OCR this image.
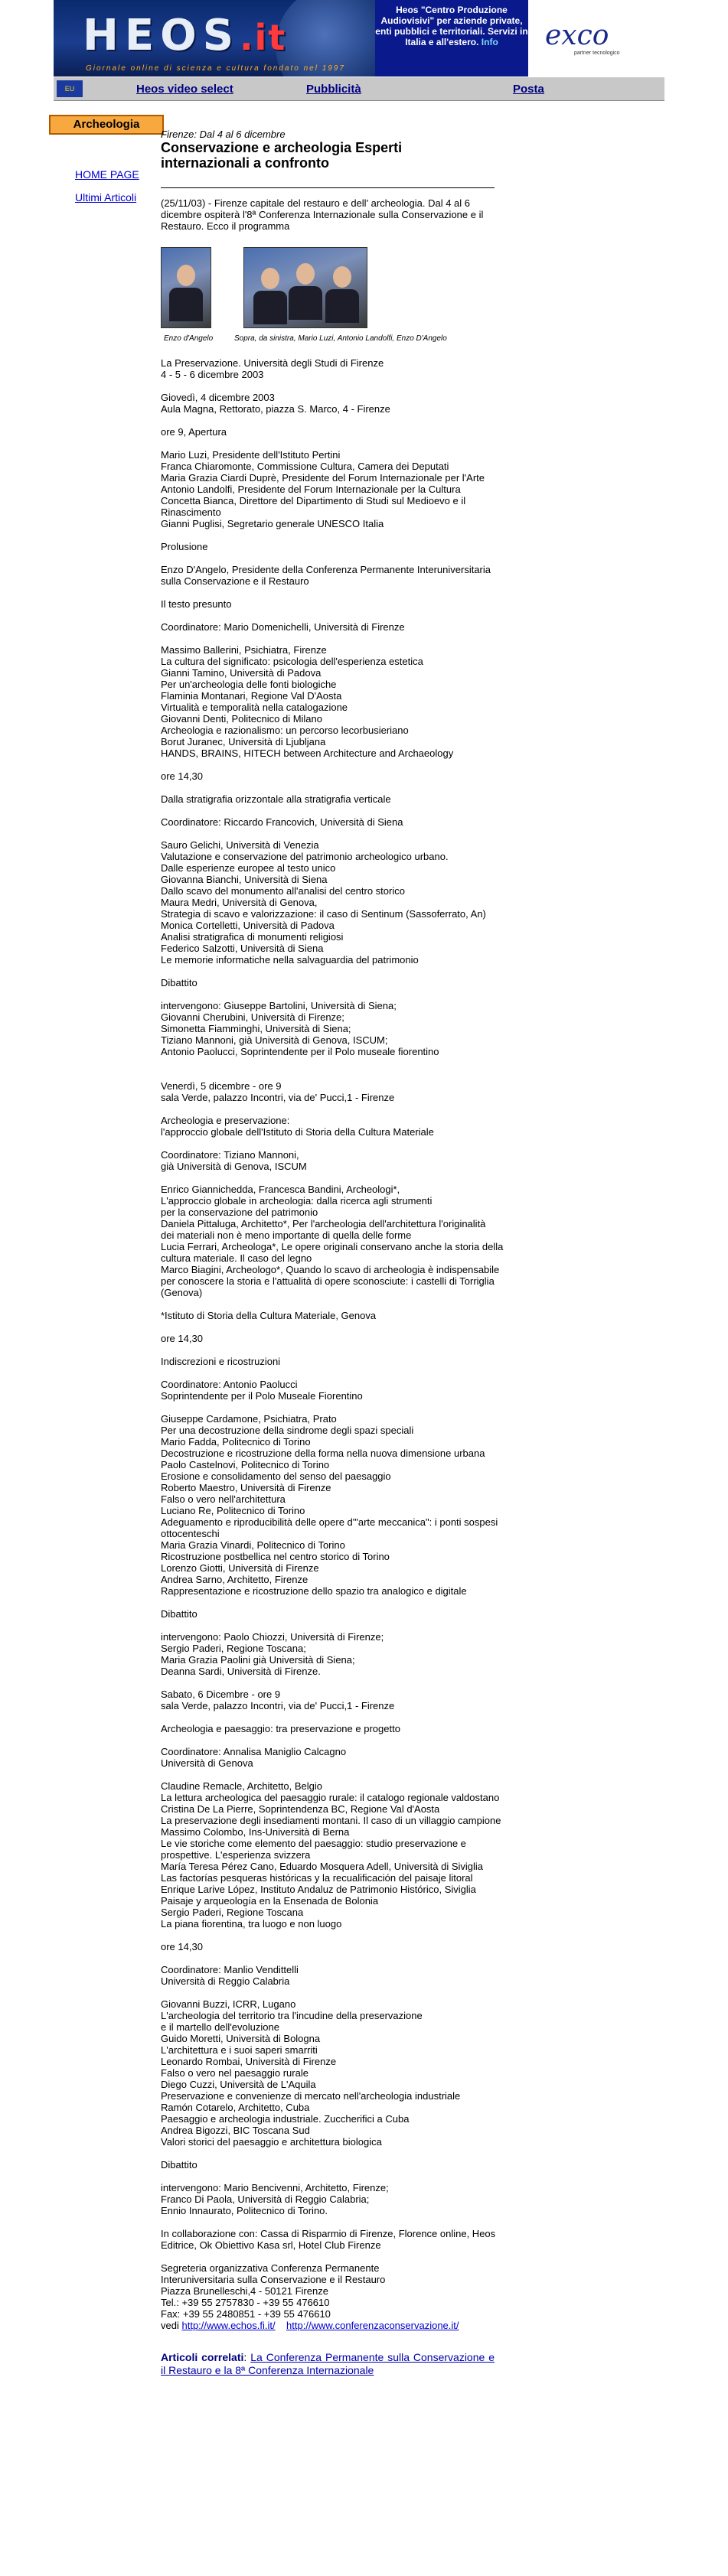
HEOS.it
Giornale online di scienza e cultura fondato nel 1997
Heos "Centro Produzione Audiovisivi" per aziende private, enti pubblici e territoriali. Servizi in Italia e all'estero. Info	exco
partner tecnologico
EU	Heos video select	Pubblicità	Posta
Archeologia
HOME PAGE
Ultimi Articoli
Firenze: Dal 4 al 6 dicembre
Conservazione e archeologia Esperti internazionali a confronto
(25/11/03) - Firenze capitale del restauro e dell' archeologia. Dal 4 al 6 dicembre ospiterà l'8ª Conferenza Internazionale sulla Conservazione e il Restauro. Ecco il programma
Enzo d'Angelo	Sopra, da sinistra, Mario Luzi, Antonio Landolfi, Enzo D'Angelo
La Preservazione. Università degli Studi di Firenze
4 - 5 - 6 dicembre 2003
Giovedì, 4 dicembre 2003
Aula Magna, Rettorato, piazza S. Marco, 4 - Firenze
ore 9, Apertura
Mario Luzi, Presidente dell'Istituto Pertini
Franca Chiaromonte, Commissione Cultura, Camera dei Deputati
Maria Grazia Ciardi Duprè, Presidente del Forum Internazionale per l'Arte
Antonio Landolfi, Presidente del Forum Internazionale per la Cultura
Concetta Bianca, Direttore del Dipartimento di Studi sul Medioevo e il
Rinascimento
Gianni Puglisi, Segretario generale UNESCO Italia
Prolusione
Enzo D'Angelo, Presidente della Conferenza Permanente Interuniversitaria
sulla Conservazione e il Restauro
Il testo presunto
Coordinatore: Mario Domenichelli, Università di Firenze
Massimo Ballerini, Psichiatra, Firenze
La cultura del significato: psicologia dell'esperienza estetica
Gianni Tamino, Università di Padova
Per un'archeologia delle fonti biologiche
Flaminia Montanari, Regione Val D'Aosta
Virtualità e temporalità nella catalogazione
Giovanni Denti, Politecnico di Milano
Archeologia e razionalismo: un percorso lecorbusieriano
Borut Juranec, Università di Ljubljana
HANDS, BRAINS, HITECH between Architecture and Archaeology
ore 14,30
Dalla stratigrafia orizzontale alla stratigrafia verticale
Coordinatore: Riccardo Francovich, Università di Siena
Sauro Gelichi, Università di Venezia
Valutazione e conservazione del patrimonio archeologico urbano.
Dalle esperienze europee al testo unico
Giovanna Bianchi, Università di Siena
Dallo scavo del monumento all'analisi del centro storico
Maura Medri, Università di Genova,
Strategia di scavo e valorizzazione: il caso di Sentinum (Sassoferrato, An)
Monica Cortelletti, Università di Padova
Analisi stratigrafica di monumenti religiosi
Federico Salzotti, Università di Siena
Le memorie informatiche nella salvaguardia del patrimonio
Dibattito
intervengono: Giuseppe Bartolini, Università di Siena;
Giovanni Cherubini, Università di Firenze;
Simonetta Fiamminghi, Università di Siena;
Tiziano Mannoni, già Università di Genova, ISCUM;
Antonio Paolucci, Soprintendente per il Polo museale fiorentino
Venerdì, 5 dicembre - ore 9
sala Verde, palazzo Incontri, via de' Pucci,1 - Firenze
Archeologia e preservazione:
l'approccio globale dell'Istituto di Storia della Cultura Materiale
Coordinatore: Tiziano Mannoni,
già Università di Genova, ISCUM
Enrico Giannichedda, Francesca Bandini, Archeologi*,
L'approccio globale in archeologia: dalla ricerca agli strumenti
per la conservazione del patrimonio
Daniela Pittaluga, Architetto*, Per l'archeologia dell'architettura l'originalità
dei materiali non è meno importante di quella delle forme
Lucia Ferrari, Archeologa*, Le opere originali conservano anche la storia della
cultura materiale. Il caso del legno
Marco Biagini, Archeologo*, Quando lo scavo di archeologia è indispensabile
per conoscere la storia e l'attualità di opere sconosciute: i castelli di Torriglia
(Genova)
*Istituto di Storia della Cultura Materiale, Genova
ore 14,30
Indiscrezioni e ricostruzioni
Coordinatore: Antonio Paolucci
Soprintendente per il Polo Museale Fiorentino
Giuseppe Cardamone, Psichiatra, Prato
Per una decostruzione della sindrome degli spazi speciali
Mario Fadda, Politecnico di Torino
Decostruzione e ricostruzione della forma nella nuova dimensione urbana
Paolo Castelnovi, Politecnico di Torino
Erosione e consolidamento del senso del paesaggio
Roberto Maestro, Università di Firenze
Falso o vero nell'architettura
Luciano Re, Politecnico di Torino
Adeguamento e riproducibilità delle opere d'"arte meccanica": i ponti sospesi
ottocenteschi
Maria Grazia Vinardi, Politecnico di Torino
Ricostruzione postbellica nel centro storico di Torino
Lorenzo Giotti, Università di Firenze
Andrea Sarno, Architetto, Firenze
Rappresentazione e ricostruzione dello spazio tra analogico e digitale
Dibattito
intervengono: Paolo Chiozzi, Università di Firenze;
Sergio Paderi, Regione Toscana;
Maria Grazia Paolini già Università di Siena;
Deanna Sardi, Università di Firenze.
Sabato, 6 Dicembre - ore 9
sala Verde, palazzo Incontri, via de' Pucci,1 - Firenze
Archeologia e paesaggio: tra preservazione e progetto
Coordinatore: Annalisa Maniglio Calcagno
Università di Genova
Claudine Remacle, Architetto, Belgio
La lettura archeologica del paesaggio rurale: il catalogo regionale valdostano
Cristina De La Pierre, Soprintendenza BC, Regione Val d'Aosta
La preservazione degli insediamenti montani. Il caso di un villaggio campione
Massimo Colombo, Ins-Università di Berna
Le vie storiche come elemento del paesaggio: studio preservazione e
prospettive. L'esperienza svizzera
María Teresa Pérez Cano, Eduardo Mosquera Adell, Università di Siviglia
Las factorías pesqueras históricas y la recualificación del paisaje litoral
Enrique Larive López, Instituto Andaluz de Patrimonio Histórico, Siviglia
Paisaje y arqueología en la Ensenada de Bolonia
Sergio Paderi, Regione Toscana
La piana fiorentina, tra luogo e non luogo
ore 14,30
Coordinatore: Manlio Vendittelli
Università di Reggio Calabria
Giovanni Buzzi, ICRR, Lugano
L'archeologia del territorio tra l'incudine della preservazione
e il martello dell'evoluzione
Guido Moretti, Università di Bologna
L'architettura e i suoi saperi smarriti
Leonardo Rombai, Università di Firenze
Falso o vero nel paesaggio rurale
Diego Cuzzi, Università de L'Aquila
Preservazione e convenienze di mercato nell'archeologia industriale
Ramón Cotarelo, Architetto, Cuba
Paesaggio e archeologia industriale. Zuccherifici a Cuba
Andrea Bigozzi, BIC Toscana Sud
Valori storici del paesaggio e architettura biologica
Dibattito
intervengono: Mario Bencivenni, Architetto, Firenze;
Franco Di Paola, Università di Reggio Calabria;
Ennio Innaurato, Politecnico di Torino.
In collaborazione con: Cassa di Risparmio di Firenze, Florence online, Heos
Editrice, Ok Obiettivo Kasa srl, Hotel Club Firenze
Segreteria organizzativa Conferenza Permanente
Interuniversitaria sulla Conservazione e il Restauro
Piazza Brunelleschi,4 - 50121 Firenze
Tel.: +39 55 2757830 - +39 55 476610
Fax: +39 55 2480851 - +39 55 476610
vedi http://www.echos.fi.it/ http://www.conferenzaconservazione.it/
Articoli correlati: La Conferenza Permanente sulla Conservazione e il Restauro e la 8ª Conferenza Internazionale
